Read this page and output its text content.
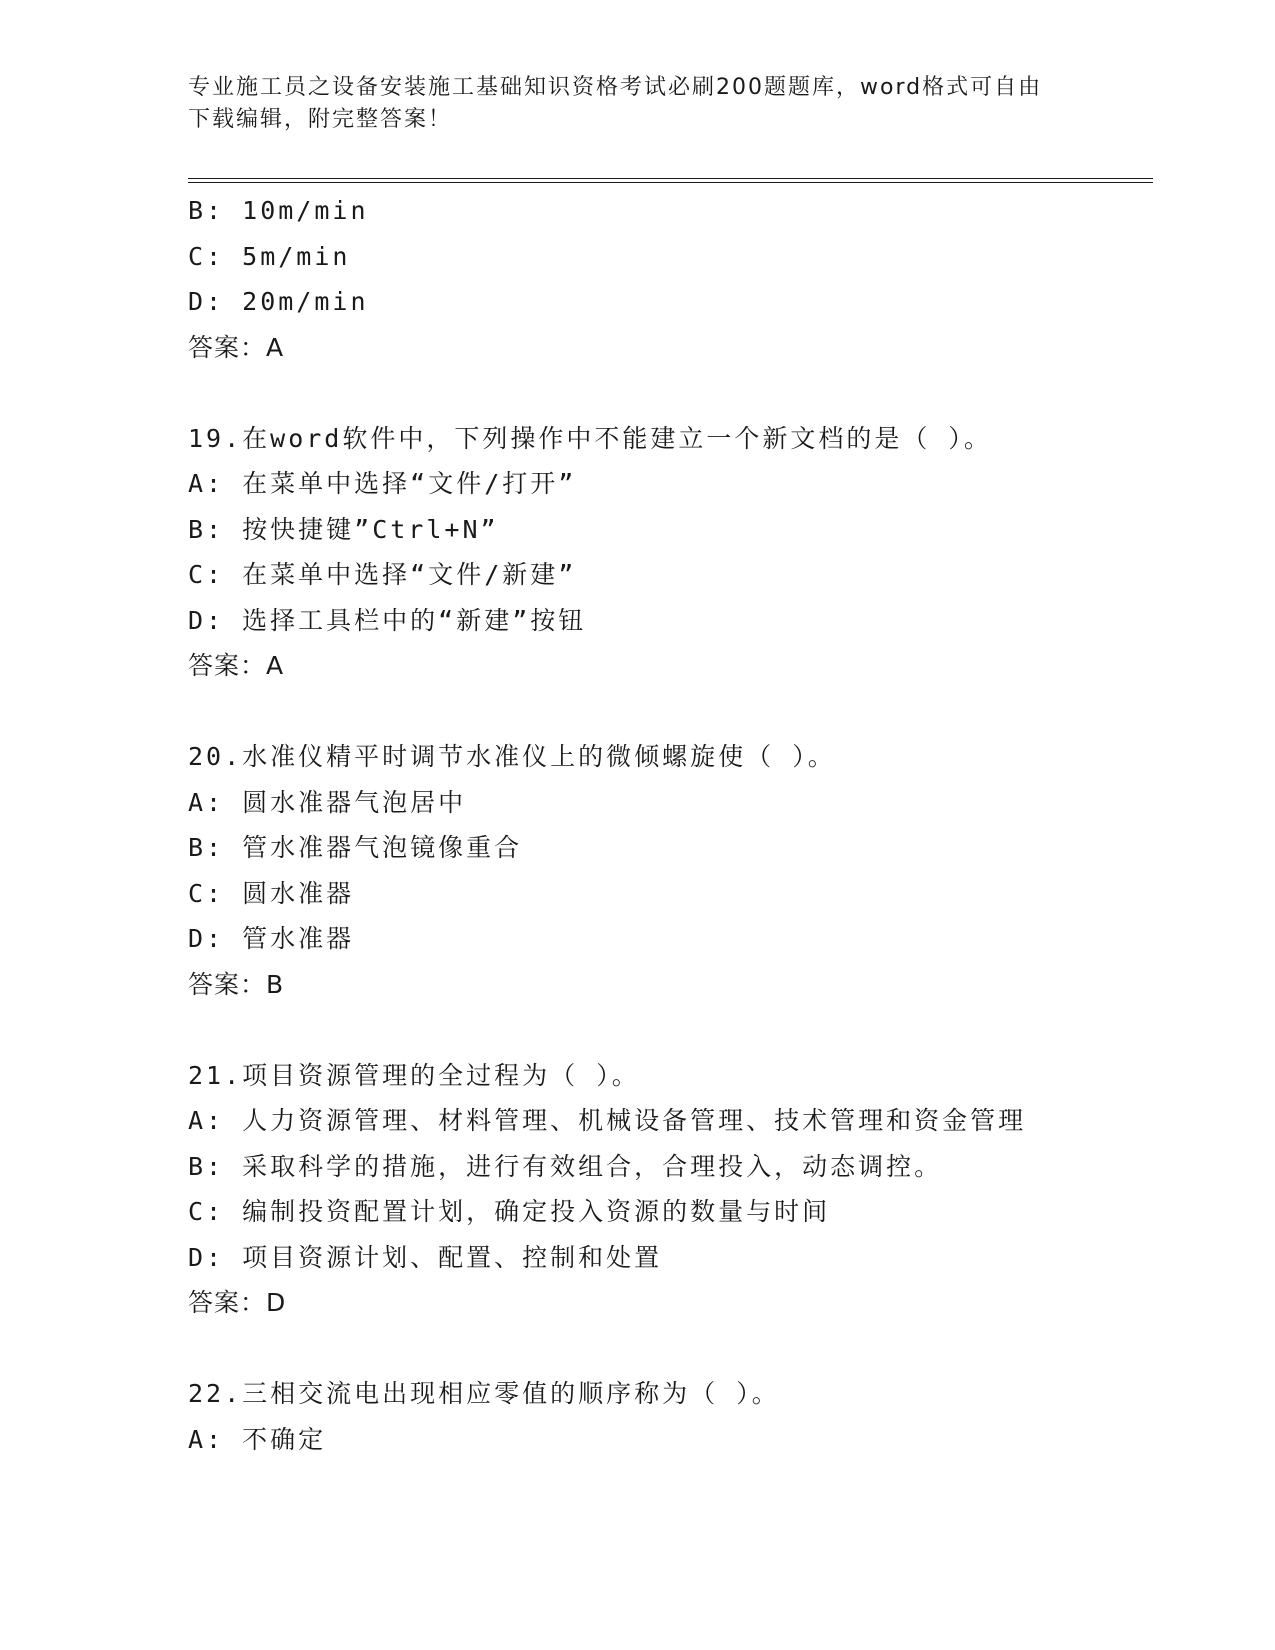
专业施工员之设备安装施工基础知识资格考试必刷200题题库，word格式可自由
下载编辑，附完整答案！
B: 10m/min
C: 5m/min
D: 20m/min
答案：A
19.在word软件中，下列操作中不能建立一个新文档的是（ ）。
A: 在菜单中选择“文件/打开”
B: 按快捷键”Ctrl+N”
C: 在菜单中选择“文件/新建”
D: 选择工具栏中的“新建”按钮
答案：A
20.水准仪精平时调节水准仪上的微倾螺旋使（ ）。
A: 圆水准器气泡居中
B: 管水准器气泡镜像重合
C: 圆水准器
D: 管水准器
答案：B
21.项目资源管理的全过程为（ ）。
A: 人力资源管理、材料管理、机械设备管理、技术管理和资金管理
B: 采取科学的措施，进行有效组合，合理投入，动态调控。
C: 编制投资配置计划，确定投入资源的数量与时间
D: 项目资源计划、配置、控制和处置
答案：D
22.三相交流电出现相应零值的顺序称为（ ）。
A: 不确定
